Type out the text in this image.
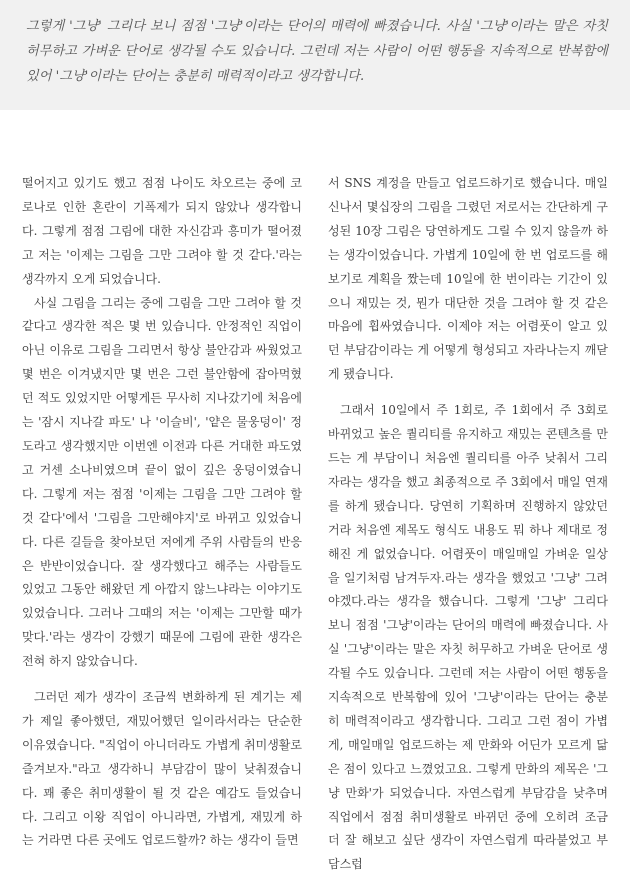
그렇게 '그냥' 그리다 보니 점점 '그냥'이라는 단어의 매력에 빠졌습니다. 사실 '그냥'이라는 말은 자칫 허무하고 가벼운 단어로 생각될 수도 있습니다. 그런데 저는 사람이 어떤 행동을 지속적으로 반복함에 있어 '그냥'이라는 단어는 충분히 매력적이라고 생각합니다.

떨어지고 있기도 했고 점점 나이도 차오르는 중에 코로나로 인한 혼란이 기폭제가 되지 않았나 생각합니다. 그렇게 점점 그림에 대한 자신감과 흥미가 떨어졌고 저는 '이제는 그림을 그만 그려야 할 것 같다.'라는 생각까지 오게 되었습니다.

사실 그림을 그리는 중에 그림을 그만 그려야 할 것 같다고 생각한 적은 몇 번 있습니다. 안정적인 직업이 아닌 이유로 그림을 그리면서 항상 불안감과 싸웠었고 몇 번은 이겨냈지만 몇 번은 그런 불안함에 잡아먹혔던 적도 있었지만 어떻게든 무사히 지나갔기에 처음에는 '잠시 지나갈 파도' 나 '이슬비', '얕은 물웅덩이' 정도라고 생각했지만 이번엔 이전과 다른 거대한 파도였고 거센 소나비였으며 끝이 없이 깊은 웅덩이였습니다. 그렇게 저는 점점 '이제는 그림을 그만 그려야 할 것 같다'에서 '그림을 그만해야지'로 바뀌고 있었습니다. 다른 길들을 찾아보던 저에게 주위 사람들의 반응은 반반이었습니다. 잘 생각했다고 해주는 사람들도 있었고 그동안 해왔던 게 아깝지 않느냐라는 이야기도 있었습니다. 그러나 그때의 저는 '이제는 그만할 때가 맞다.'라는 생각이 강했기 때문에 그림에 관한 생각은 전혀 하지 않았습니다.

그러던 제가 생각이 조금씩 변화하게 된 계기는 제가 제일 좋아했던, 재밌어했던 일이라서라는 단순한 이유였습니다. "직업이 아니더라도 가볍게 취미생활로 즐겨보자."라고 생각하니 부담감이 많이 낮춰졌습니다. 꽤 좋은 취미생활이 될 것 같은 예감도 들었습니다. 그리고 이왕 직업이 아니라면, 가볍게, 재밌게 하는 거라면 다른 곳에도 업로드할까? 하는 생각이 들면

서 SNS 계정을 만들고 업로드하기로 했습니다. 매일 신나서 몇십장의 그림을 그렸던 저로서는 간단하게 구성된 10장 그림은 당연하게도 그릴 수 있지 않을까 하는 생각이었습니다. 가볍게 10일에 한 번 업로드를 해보기로 계획을 짰는데 10일에 한 번이라는 기간이 있으니 재밌는 것, 뭔가 대단한 것을 그려야 할 것 같은 마음에 휩싸였습니다. 이제야 저는 어렴풋이 알고 있던 부담감이라는 게 어떻게 형성되고 자라나는지 깨닫게 됐습니다.

그래서 10일에서 주 1회로, 주 1회에서 주 3회로 바뀌었고 높은 퀄리티를 유지하고 재밌는 콘텐츠를 만드는 게 부담이니 처음엔 퀄리티를 아주 낮춰서 그리자라는 생각을 했고 최종적으로 주 3회에서 매일 연재를 하게 됐습니다. 당연히 기획하며 진행하지 않았던 거라 처음엔 제목도 형식도 내용도 뭐 하나 제대로 정해진 게 없었습니다. 어렴풋이 매일매일 가벼운 일상을 일기처럼 남겨두자.라는 생각을 했었고 '그냥' 그려야겠다.라는 생각을 했습니다. 그렇게 '그냥' 그리다 보니 점점 '그냥'이라는 단어의 매력에 빠졌습니다. 사실 '그냥'이라는 말은 자칫 허무하고 가벼운 단어로 생각될 수도 있습니다. 그런데 저는 사람이 어떤 행동을 지속적으로 반복함에 있어 '그냥'이라는 단어는 충분히 매력적이라고 생각합니다. 그리고 그런 점이 가볍게, 매일매일 업로드하는 제 만화와 어딘가 모르게 닮은 점이 있다고 느꼈었고요. 그렇게 만화의 제목은 '그냥 만화'가 되었습니다. 자연스럽게 부담감을 낮추며 직업에서 점점 취미생활로 바뀌던 중에 오히려 조금 더 잘 해보고 싶단 생각이 자연스럽게 따라붙었고 부담스럽
